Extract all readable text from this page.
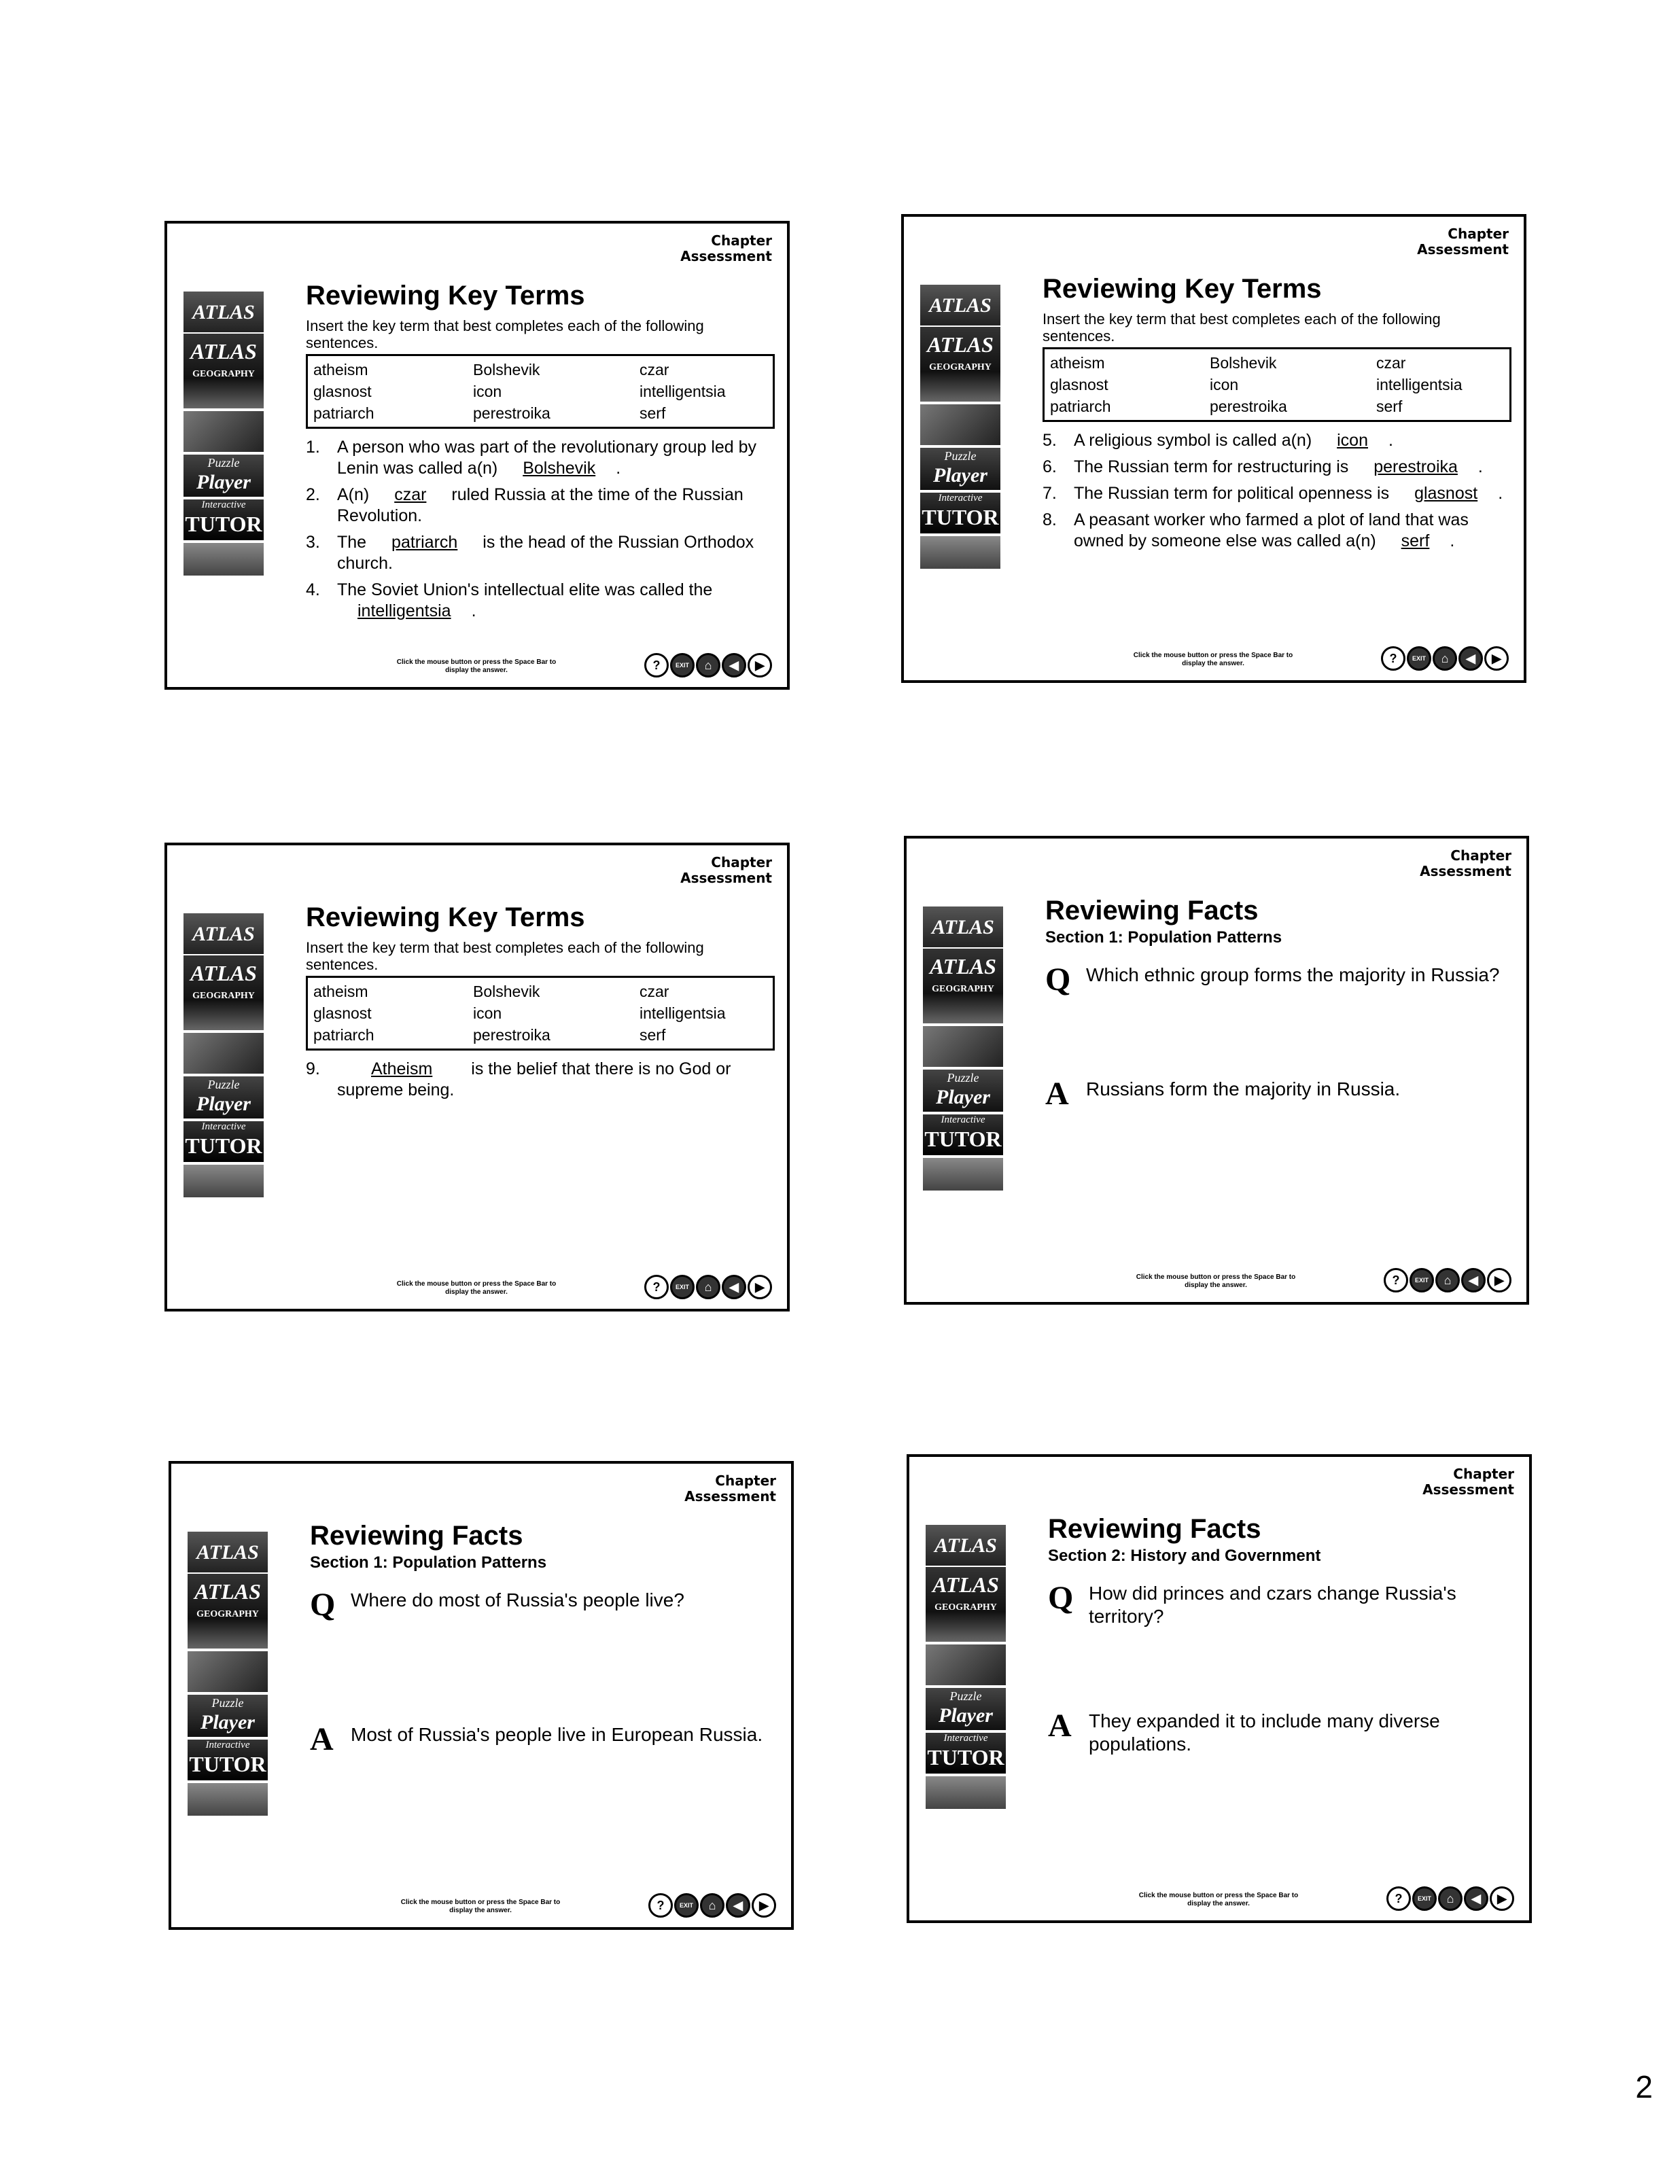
Chapter
Assessment
ATLAS
ATLAS
GEOGRAPHY
Puzzle
Player
Interactive
TUTOR
Reviewing Key Terms
Insert the key term that best completes each of the following sentences.
atheism	Bolshevik	czar
glasnost	icon	intelligentsia
patriarch	perestroika	serf
1.	A person who was part of the revolutionary group led by Lenin was called a(n) Bolshevik .
2.	A(n) czar ruled Russia at the time of the Russian Revolution.
3.	The patriarch is the head of the Russian Orthodox church.
4.	The Soviet Union's intellectual elite was called the intelligentsia .
Click the mouse button or press the Space Bar to display the answer.	?	EXIT	⌂	◀	▶
Chapter
Assessment
ATLAS
ATLAS
GEOGRAPHY
Puzzle
Player
Interactive
TUTOR
Reviewing Key Terms
Insert the key term that best completes each of the following sentences.
atheism	Bolshevik	czar
glasnost	icon	intelligentsia
patriarch	perestroika	serf
5.	A religious symbol is called a(n) icon .
6.	The Russian term for restructuring is perestroika .
7.	The Russian term for political openness is glasnost .
8.	A peasant worker who farmed a plot of land that was owned by someone else was called a(n) serf .
Click the mouse button or press the Space Bar to display the answer.	?	EXIT	⌂	◀	▶
Chapter
Assessment
ATLAS
ATLAS
GEOGRAPHY
Puzzle
Player
Interactive
TUTOR
Reviewing Key Terms
Insert the key term that best completes each of the following sentences.
atheism	Bolshevik	czar
glasnost	icon	intelligentsia
patriarch	perestroika	serf
9.	Atheism is the belief that there is no God or supreme being.
Click the mouse button or press the Space Bar to display the answer.	?	EXIT	⌂	◀	▶
Chapter
Assessment
ATLAS
ATLAS
GEOGRAPHY
Puzzle
Player
Interactive
TUTOR
Reviewing Facts
Section 1: Population Patterns
Q Which ethnic group forms the majority in Russia?
A Russians form the majority in Russia.
Click the mouse button or press the Space Bar to display the answer.	?	EXIT	⌂	◀	▶
Chapter
Assessment
ATLAS
ATLAS
GEOGRAPHY
Puzzle
Player
Interactive
TUTOR
Reviewing Facts
Section 1: Population Patterns
Q Where do most of Russia's people live?
A Most of Russia's people live in European Russia.
Click the mouse button or press the Space Bar to display the answer.	?	EXIT	⌂	◀	▶
Chapter
Assessment
ATLAS
ATLAS
GEOGRAPHY
Puzzle
Player
Interactive
TUTOR
Reviewing Facts
Section 2: History and Government
Q How did princes and czars change Russia's territory?
A They expanded it to include many diverse populations.
Click the mouse button or press the Space Bar to display the answer.	?	EXIT	⌂	◀	▶
2
